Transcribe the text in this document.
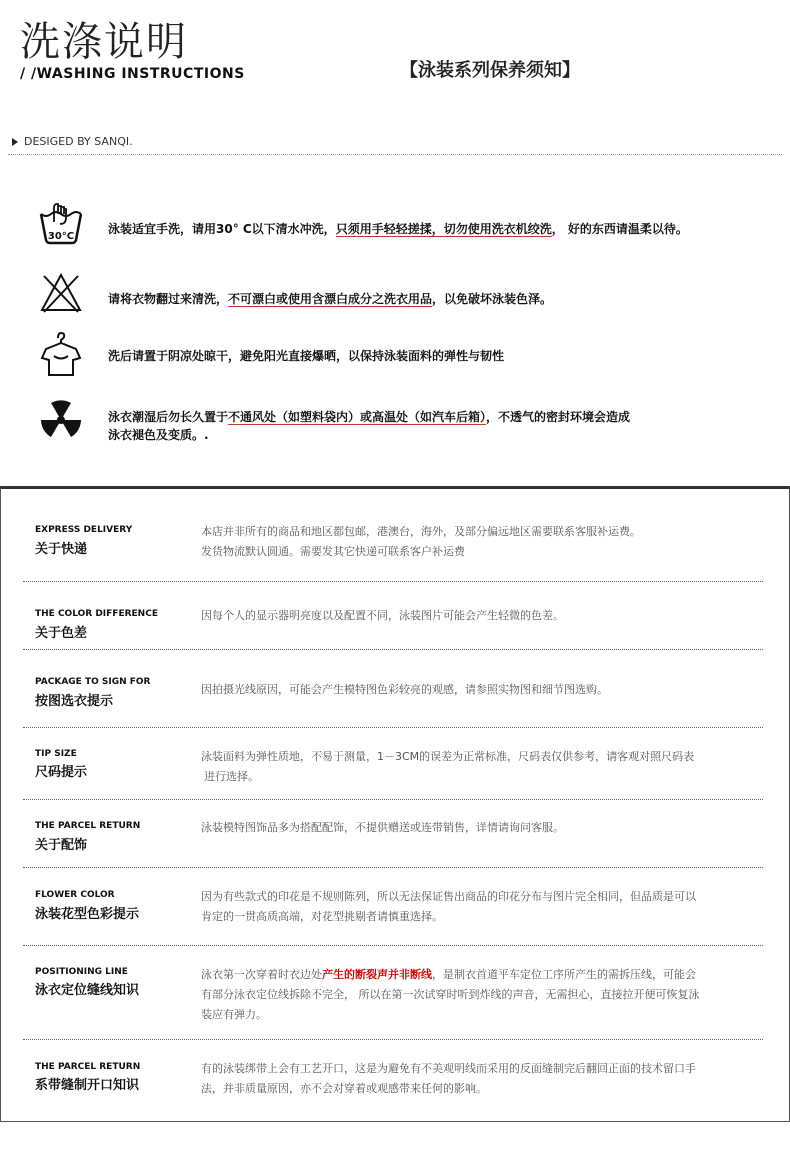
洗涤说明
/ /WASHING INSTRUCTIONS	【泳装系列保养须知】
DESIGED BY SANQI.
30°C
泳装适宜手洗，请用30° C以下清水冲洗，只须用手轻轻搓揉，切勿使用洗衣机绞洗， 好的东西请温柔以待。
请将衣物翻过来清洗，不可漂白或使用含漂白成分之洗衣用品，以免破坏泳装色泽。
洗后请置于阴凉处晾干，避免阳光直接爆晒，以保持泳装面料的弹性与韧性
泳衣潮湿后勿长久置于不通风处（如塑料袋内）或高温处（如汽车后箱），不透气的密封环境会造成
泳衣褪色及变质。.
EXPRESS DELIVERY
关于快递
本店并非所有的商品和地区都包邮，港澳台，海外，及部分偏远地区需要联系客服补运费。
发货物流默认圆通。需要发其它快递可联系客户补运费
THE COLOR DIFFERENCE
关于色差
因每个人的显示器明亮度以及配置不同，泳装图片可能会产生轻微的色差。
PACKAGE TO SIGN FOR
按图选衣提示
因拍摄光线原因，可能会产生模特图色彩较亮的观感，请参照实物图和细节图选购。
TIP SIZE
尺码提示
泳装面料为弹性质地，不易于测量，1－3CM的误差为正常标准，尺码表仅供参考，请客观对照尺码表
进行选择。
THE PARCEL RETURN
关于配饰
泳装模特图饰品多为搭配配饰，不提供赠送或连带销售，详情请询问客服。
FLOWER COLOR
泳装花型色彩提示
因为有些款式的印花是不规则陈列，所以无法保证售出商品的印花分布与图片完全相同，但品质是可以
肯定的一贯高质高端，对花型挑剔者请慎重选择。
POSITIONING LINE
泳衣定位缝线知识
泳衣第一次穿着时衣边处产生的断裂声并非断线，是制衣首道平车定位工序所产生的需拆压线，可能会
有部分泳衣定位线拆除不完全， 所以在第一次试穿时听到炸线的声音，无需担心，直接拉开便可恢复泳
装应有弹力。
THE PARCEL RETURN
系带缝制开口知识
有的泳装绑带上会有工艺开口，这是为避免有不美观明线而采用的反面缝制完后翻回正面的技术留口手
法，并非质量原因，亦不会对穿着或观感带来任何的影响。
